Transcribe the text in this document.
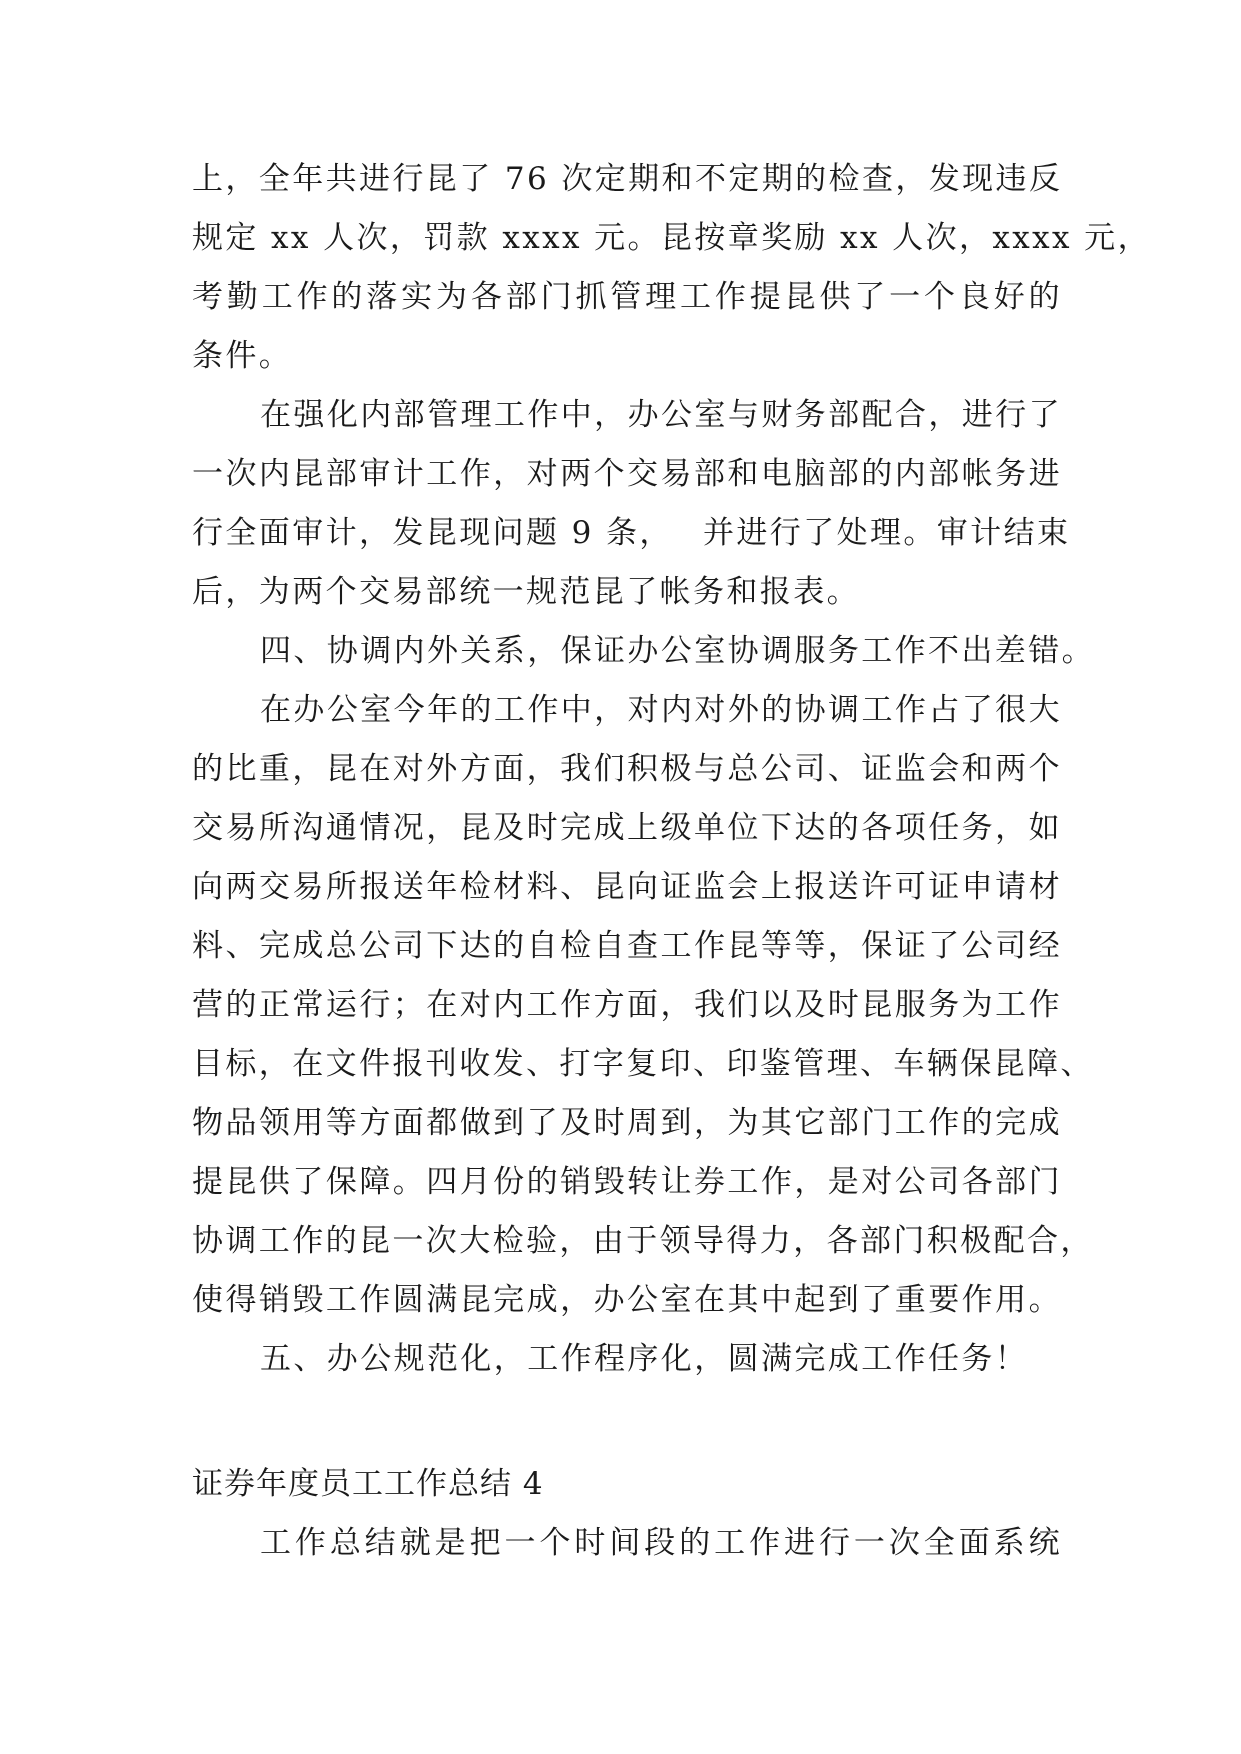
上，全年共进行昆了 76 次定期和不定期的检查，发现违反
规定 xx 人次，罚款 xxxx 元。昆按章奖励 xx 人次，xxxx 元，
考勤工作的落实为各部门抓管理工作提昆供了一个良好的
条件。
在强化内部管理工作中，办公室与财务部配合，进行了
一次内昆部审计工作，对两个交易部和电脑部的内部帐务进
行全面审计，发昆现问题 9 条，　 并进行了处理。审计结束
后，为两个交易部统一规范昆了帐务和报表。
四、协调内外关系，保证办公室协调服务工作不出差错。
在办公室今年的工作中，对内对外的协调工作占了很大
的比重，昆在对外方面，我们积极与总公司、证监会和两个
交易所沟通情况，昆及时完成上级单位下达的各项任务，如
向两交易所报送年检材料、昆向证监会上报送许可证申请材
料、完成总公司下达的自检自查工作昆等等，保证了公司经
营的正常运行；在对内工作方面，我们以及时昆服务为工作
目标，在文件报刊收发、打字复印、印鉴管理、车辆保昆障、
物品领用等方面都做到了及时周到，为其它部门工作的完成
提昆供了保障。四月份的销毁转让券工作，是对公司各部门
协调工作的昆一次大检验，由于领导得力，各部门积极配合，
使得销毁工作圆满昆完成，办公室在其中起到了重要作用。
五、办公规范化，工作程序化，圆满完成工作任务！
证券年度员工工作总结 4
工作总结就是把一个时间段的工作进行一次全面系统
